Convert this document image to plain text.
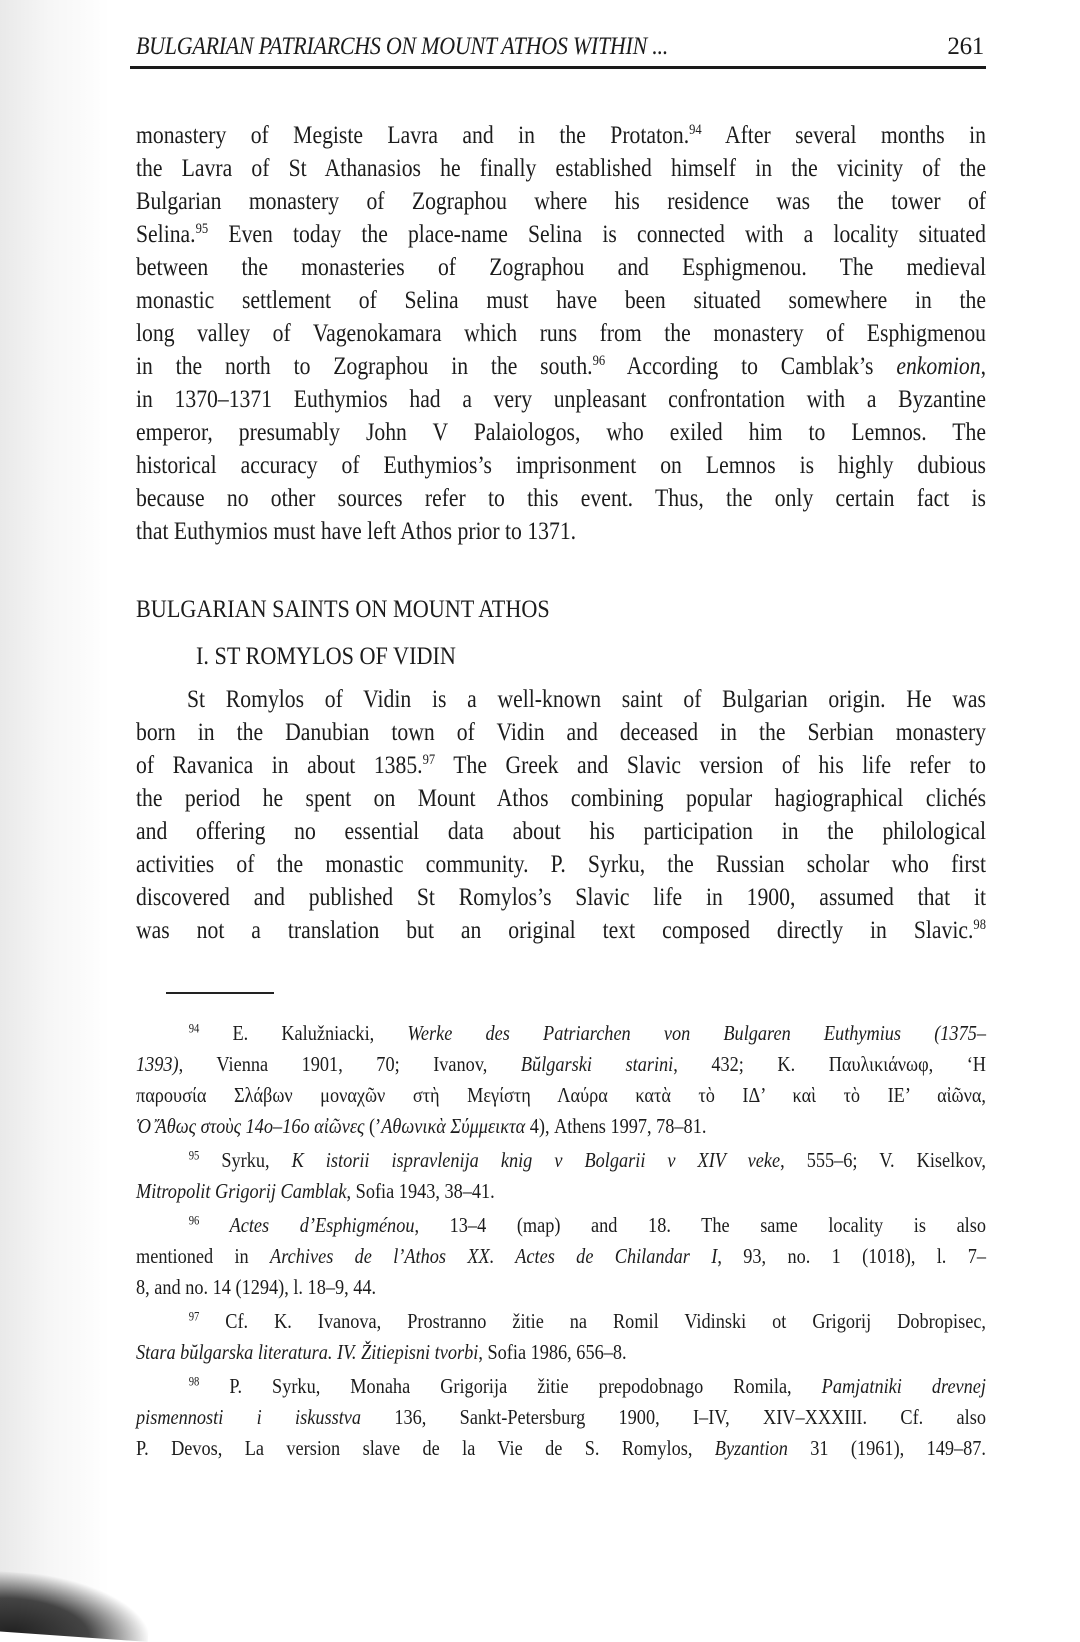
BULGARIAN PATRIARCHS ON MOUNT ATHOS WITHIN ...	261
monastery of Megiste Lavra and in the Protaton.$^{94}$ After several months in
the Lavra of St Athanasios he finally established himself in the vicinity of the
Bulgarian monastery of Zographou where his residence was the tower of
Selina.$^{95}$ Even today the place-name Selina is connected with a locality situated
between the monasteries of Zographou and Esphigmenou. The medieval
monastic settlement of Selina must have been situated somewhere in the
long valley of Vagenokamara which runs from the monastery of Esphigmenou
in the north to Zographou in the south.$^{96}$ According to Camblak’s enkomion,
in 1370–1371 Euthymios had a very unpleasant confrontation with a Byzantine
emperor, presumably John V Palaiologos, who exiled him to Lemnos. The
historical accuracy of Euthymios’s imprisonment on Lemnos is highly dubious
because no other sources refer to this event. Thus, the only certain fact is
that Euthymios must have left Athos prior to 1371.
BULGARIAN SAINTS ON MOUNT ATHOS
I. ST ROMYLOS OF VIDIN
St Romylos of Vidin is a well-known saint of Bulgarian origin. He was
born in the Danubian town of Vidin and deceased in the Serbian monastery
of Ravanica in about 1385.97 The Greek and Slavic version of his life refer to
the period he spent on Mount Athos combining popular hagiographical clichés
and offering no essential data about his participation in the philological
activities of the monastic community. P. Syrku, the Russian scholar who first
discovered and published St Romylos’s Slavic life in 1900, assumed that it
was not a translation but an original text composed directly in Slavic.$^{98}$
$^{94}$ E. Kalužniacki, Werke des Patriarchen von Bulgaren Euthymius (1375–
1393), Vienna 1901, 70; Ivanov, Bŭlgarski starini, 432; K. Παυλικιάνωφ, ‘Η
παρουσία Σλάβων μοναχῶν στὴ Μεγίστη Λαύρα κατὰ τὸ ΙΔ’ καὶ τὸ ΙΕ’ αἰῶνα,
Ὁ Ἄθως στοὺς 14ο–16ο αἰῶνες (’Αθωνικὰ Σύμμεικτα 4), Athens 1997, 78–81.
$^{95}$ Syrku, K istorii ispravlenija knig v Bolgarii v XIV veke, 555–6; V. Kiselkov,
Mitropolit Grigorij Camblak, Sofia 1943, 38–41.
$^{96}$ Actes d’Esphigménou, 13–4 (map) and 18. The same locality is also
mentioned in Archives de l’Athos XX. Actes de Chilandar I, 93, no. 1 (1018), l. 7–
8, and no. 14 (1294), l. 18–9, 44.
$^{97}$ Cf. K. Ivanova, Prostranno žitie na Romil Vidinski ot Grigorij Dobropisec,
Stara bŭlgarska literatura. IV. Žitiepisni tvorbi, Sofia 1986, 656–8.
$^{98}$ P. Syrku, Monaha Grigorija žitie prepodobnago Romila, Pamjatniki drevnej
pismennosti i iskusstva 136, Sankt-Petersburg 1900, I–IV, XIV–XXXIII. Cf. also
P. Devos, La version slave de la Vie de S. Romylos, Byzantion 31 (1961), 149–87.
